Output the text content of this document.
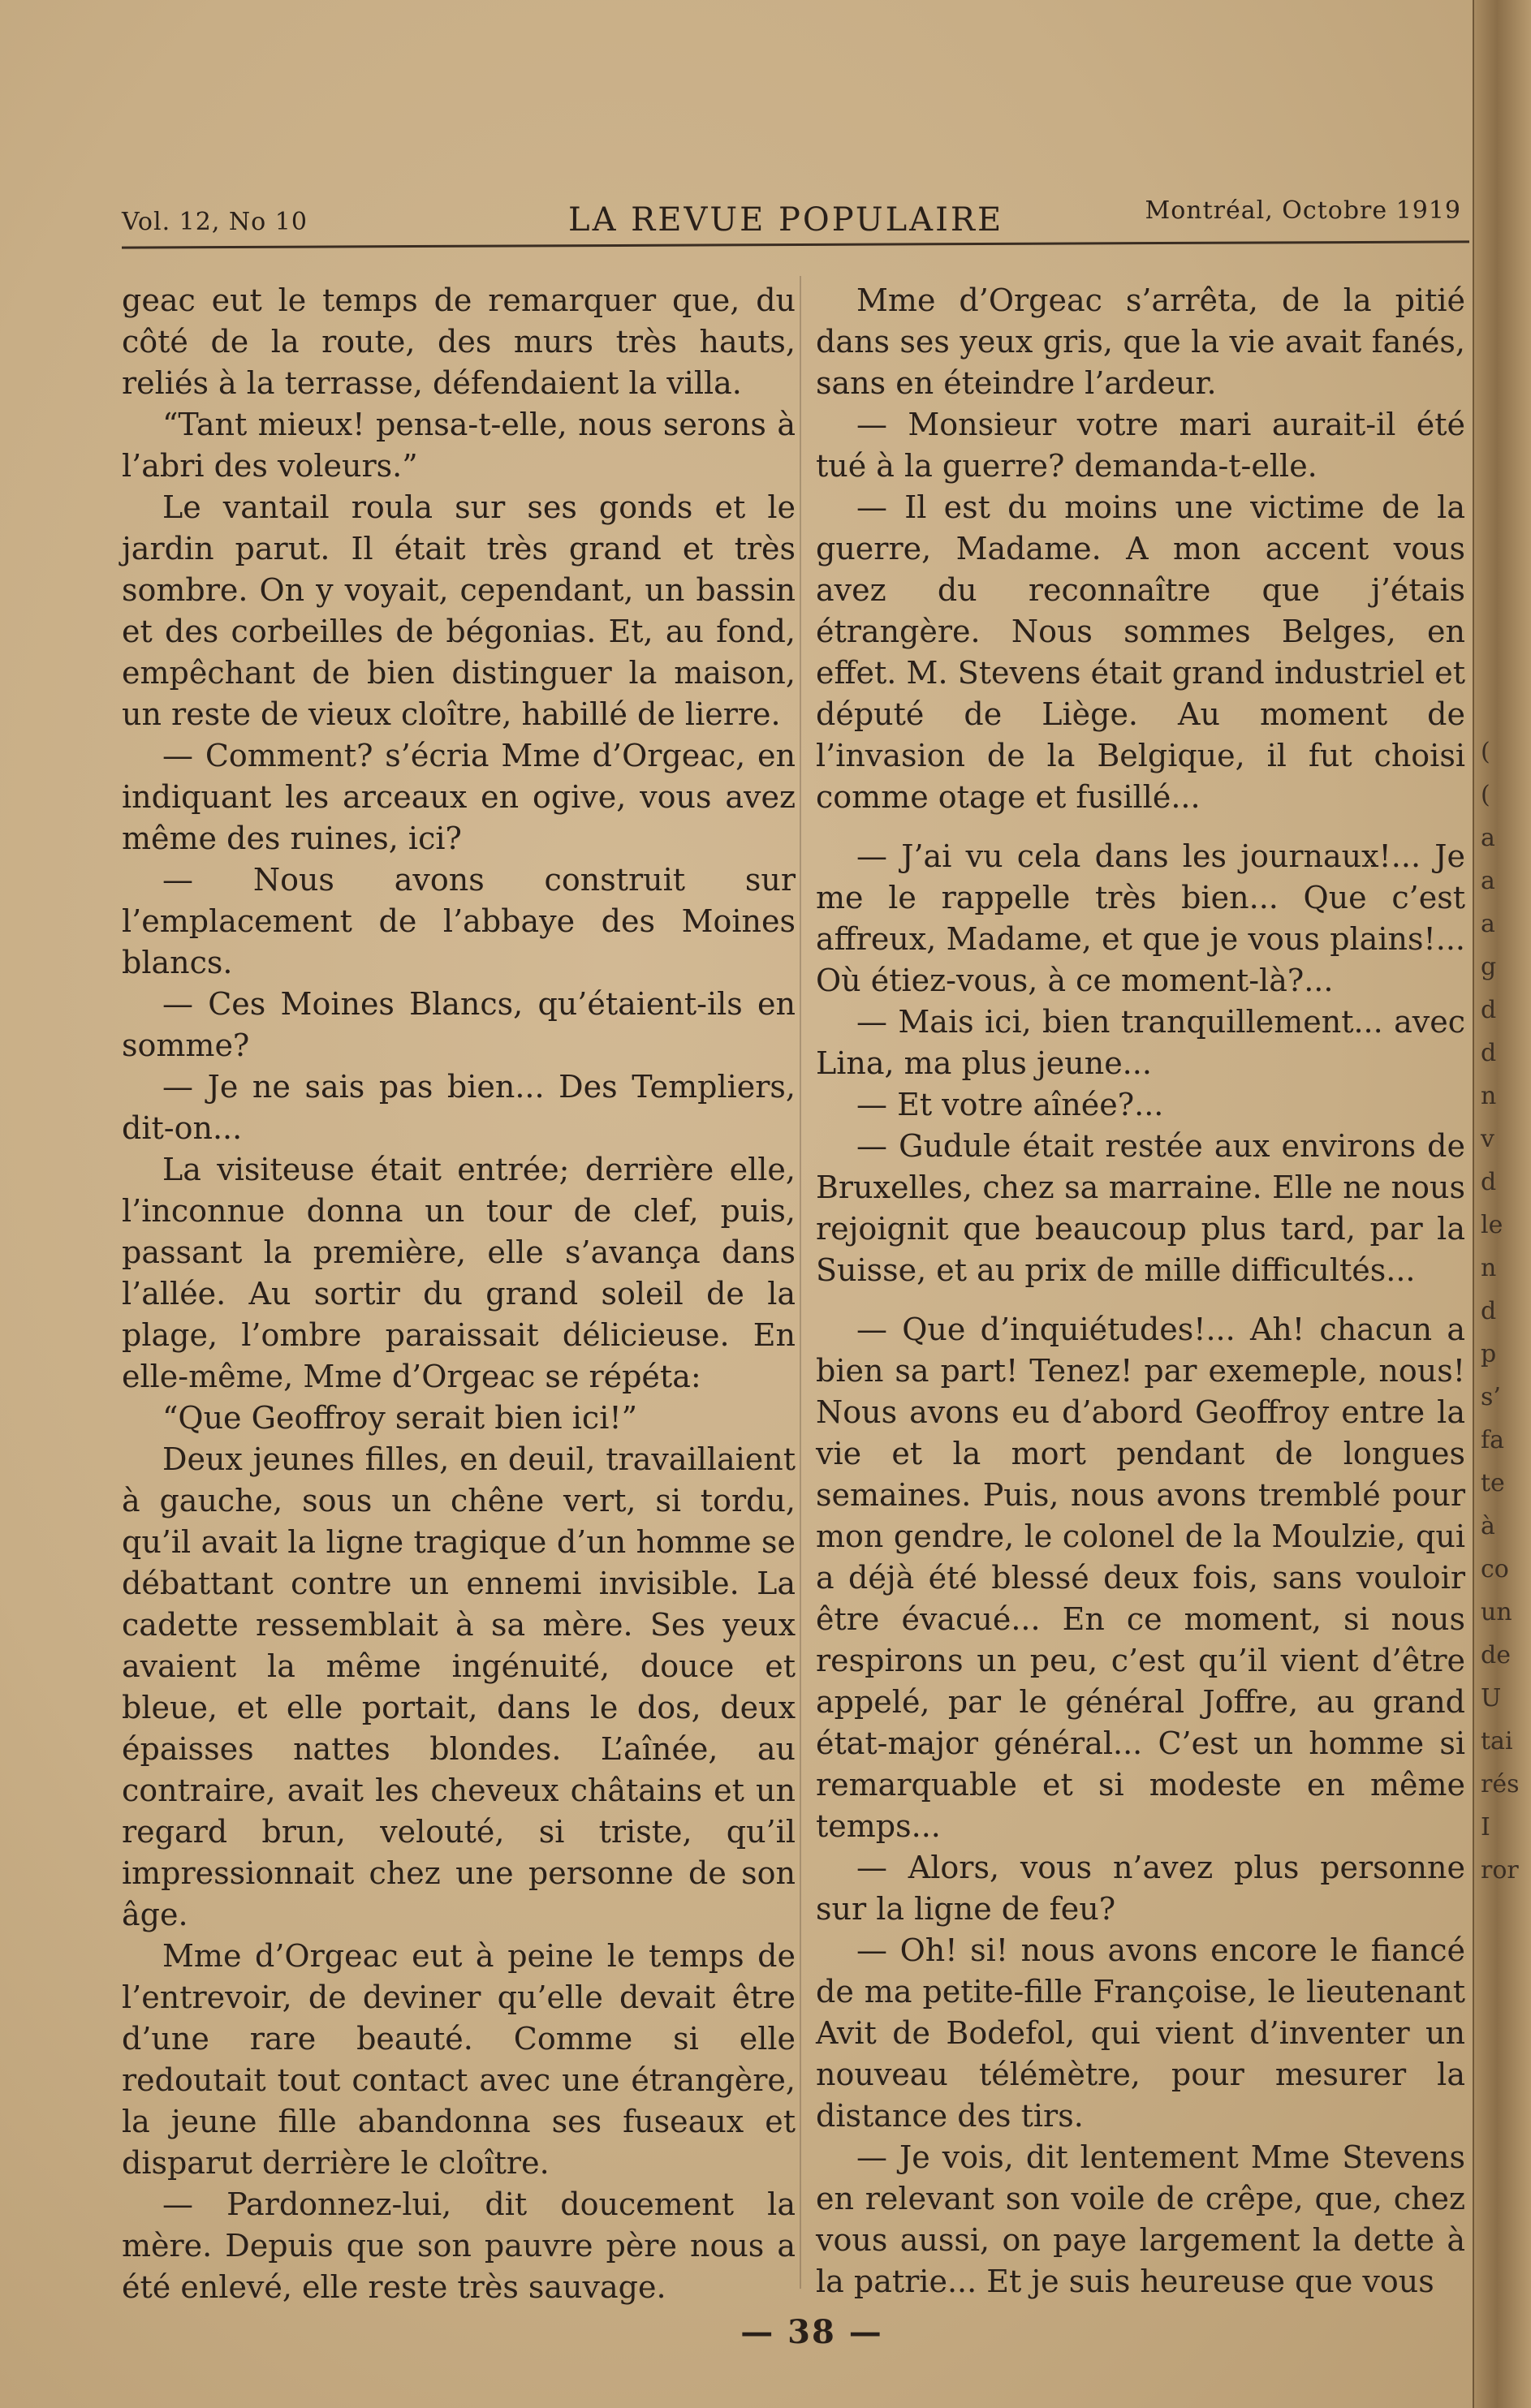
Vol. 12, No 10	LA REVUE POPULAIRE	Montréal, Octobre 1919

geac eut le temps de remarquer que, du côté de la route, des murs très hauts, reliés à la terrasse, défendaient la villa.

“Tant mieux! pensa-t-elle, nous serons à l’abri des voleurs.”

Le vantail roula sur ses gonds et le jardin parut. Il était très grand et très sombre. On y voyait, cependant, un bassin et des corbeilles de bégonias. Et, au fond, empêchant de bien distinguer la maison, un reste de vieux cloître, habillé de lierre.

— Comment? s’écria Mme d’Orgeac, en indiquant les arceaux en ogive, vous avez même des ruines, ici?

— Nous avons construit sur l’emplacement de l’abbaye des Moines blancs.

— Ces Moines Blancs, qu’étaient-ils en somme?

— Je ne sais pas bien... Des Templiers, dit-on...

La visiteuse était entrée; derrière elle, l’inconnue donna un tour de clef, puis, passant la première, elle s’avança dans l’allée. Au sortir du grand soleil de la plage, l’ombre paraissait délicieuse. En elle-même, Mme d’Orgeac se répéta:

“Que Geoffroy serait bien ici!”

Deux jeunes filles, en deuil, travaillaient à gauche, sous un chêne vert, si tordu, qu’il avait la ligne tragique d’un homme se débattant contre un ennemi invisible. La cadette ressemblait à sa mère. Ses yeux avaient la même ingénuité, douce et bleue, et elle portait, dans le dos, deux épaisses nattes blondes. L’aînée, au contraire, avait les cheveux châtains et un regard brun, velouté, si triste, qu’il impressionnait chez une personne de son âge.

Mme d’Orgeac eut à peine le temps de l’entrevoir, de deviner qu’elle devait être d’une rare beauté. Comme si elle redoutait tout contact avec une étrangère, la jeune fille abandonna ses fuseaux et disparut derrière le cloître.

— Pardonnez-lui, dit doucement la mère. Depuis que son pauvre père nous a été enlevé, elle reste très sauvage.

Mme d’Orgeac s’arrêta, de la pitié dans ses yeux gris, que la vie avait fanés, sans en éteindre l’ardeur.

— Monsieur votre mari aurait-il été tué à la guerre? demanda-t-elle.

— Il est du moins une victime de la guerre, Madame. A mon accent vous avez du reconnaître que j’étais étrangère. Nous sommes Belges, en effet. M. Stevens était grand industriel et député de Liège. Au moment de l’invasion de la Belgique, il fut choisi comme otage et fusillé...

— J’ai vu cela dans les journaux!... Je me le rappelle très bien... Que c’est affreux, Madame, et que je vous plains!... Où étiez-vous, à ce moment-là?...

— Mais ici, bien tranquillement... avec Lina, ma plus jeune...

— Et votre aînée?...

— Gudule était restée aux environs de Bruxelles, chez sa marraine. Elle ne nous rejoignit que beaucoup plus tard, par la Suisse, et au prix de mille difficultés...

— Que d’inquiétudes!... Ah! chacun a bien sa part! Tenez! par exemeple, nous! Nous avons eu d’abord Geoffroy entre la vie et la mort pendant de longues semaines. Puis, nous avons tremblé pour mon gendre, le colonel de la Moulzie, qui a déjà été blessé deux fois, sans vouloir être évacué... En ce moment, si nous respirons un peu, c’est qu’il vient d’être appelé, par le général Joffre, au grand état-major général... C’est un homme si remarquable et si modeste en même temps...

— Alors, vous n’avez plus personne sur la ligne de feu?

— Oh! si! nous avons encore le fiancé de ma petite-fille Françoise, le lieutenant Avit de Bodefol, qui vient d’inventer un nouveau télémètre, pour mesurer la distance des tirs.

— Je vois, dit lentement Mme Stevens en relevant son voile de crêpe, que, chez vous aussi, on paye largement la dette à la patrie... Et je suis heureuse que vous

(
(
a
a
a
g
d
d
n
v
d
le
n
d
p
s’
fa
te
à
co
un
de
U
tai
rés
I
ror
— 38 —
